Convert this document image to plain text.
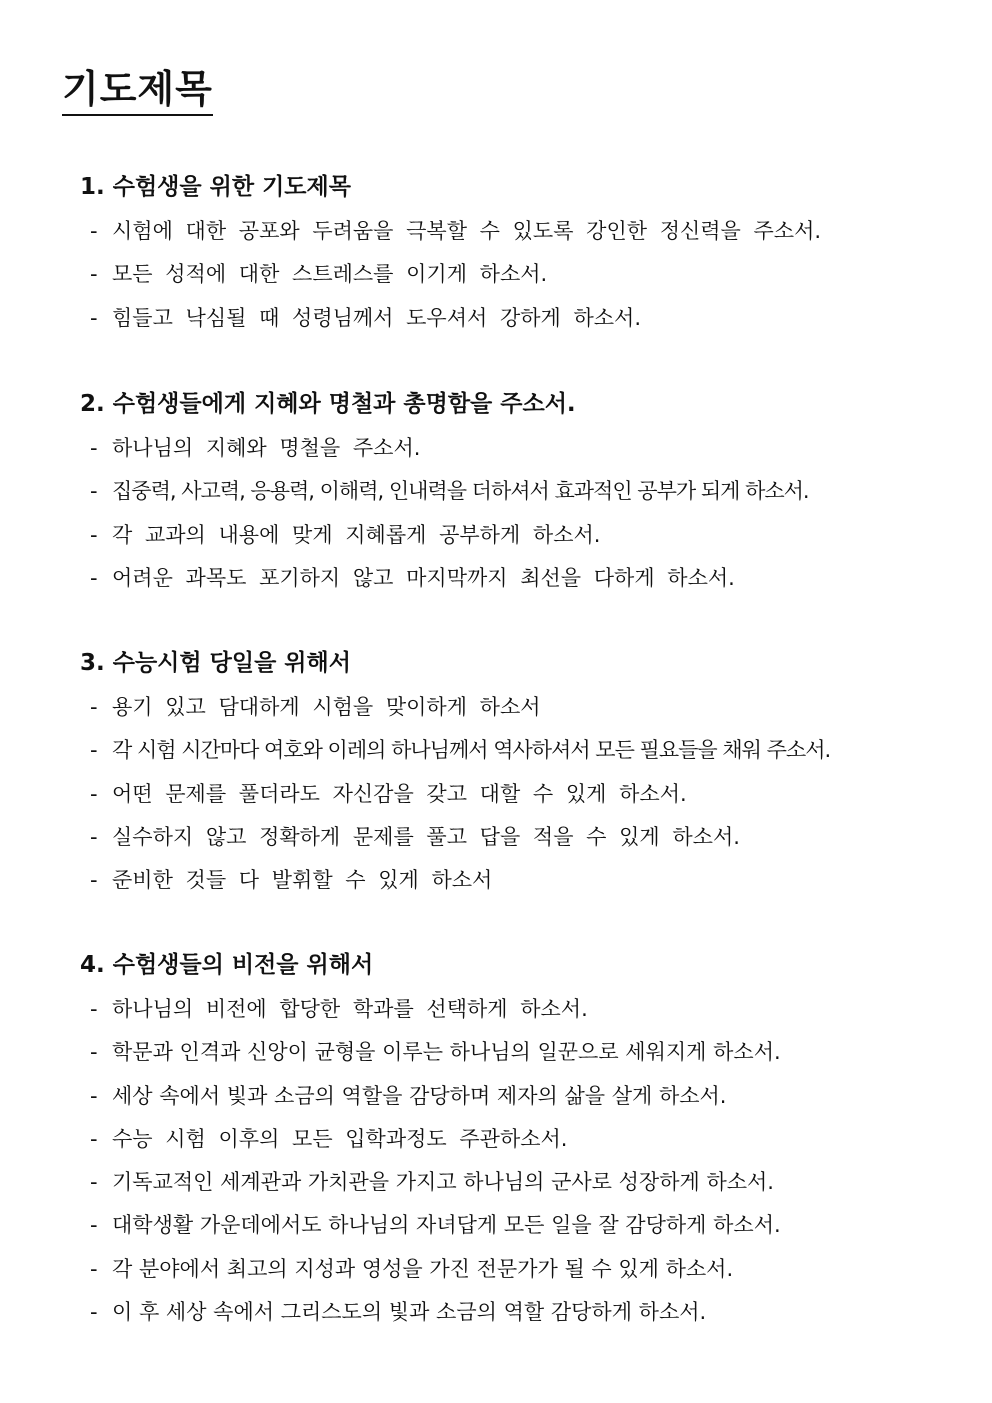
기도제목
1. 수험생을 위한 기도제목
- 시험에 대한 공포와 두려움을 극복할 수 있도록 강인한 정신력을 주소서.
- 모든 성적에 대한 스트레스를 이기게 하소서.
- 힘들고 낙심될 때 성령님께서 도우셔서 강하게 하소서.
2. 수험생들에게 지혜와 명철과 총명함을 주소서.
- 하나님의 지혜와 명철을 주소서.
- 집중력, 사고력, 응용력, 이해력, 인내력을 더하셔서 효과적인 공부가 되게 하소서.
- 각 교과의 내용에 맞게 지혜롭게 공부하게 하소서.
- 어려운 과목도 포기하지 않고 마지막까지 최선을 다하게 하소서.
3. 수능시험 당일을 위해서
- 용기 있고 담대하게 시험을 맞이하게 하소서
- 각 시험 시간마다 여호와 이레의 하나님께서 역사하셔서 모든 필요들을 채워 주소서.
- 어떤 문제를 풀더라도 자신감을 갖고 대할 수 있게 하소서.
- 실수하지 않고 정확하게 문제를 풀고 답을 적을 수 있게 하소서.
- 준비한 것들 다 발휘할 수 있게 하소서
4. 수험생들의 비전을 위해서
- 하나님의 비전에 합당한 학과를 선택하게 하소서.
- 학문과 인격과 신앙이 균형을 이루는 하나님의 일꾼으로 세워지게 하소서.
- 세상 속에서 빛과 소금의 역할을 감당하며 제자의 삶을 살게 하소서.
- 수능 시험 이후의 모든 입학과정도 주관하소서.
- 기독교적인 세계관과 가치관을 가지고 하나님의 군사로 성장하게 하소서.
- 대학생활 가운데에서도 하나님의 자녀답게 모든 일을 잘 감당하게 하소서.
- 각 분야에서 최고의 지성과 영성을 가진 전문가가 될 수 있게 하소서.
- 이 후 세상 속에서 그리스도의 빛과 소금의 역할 감당하게 하소서.
